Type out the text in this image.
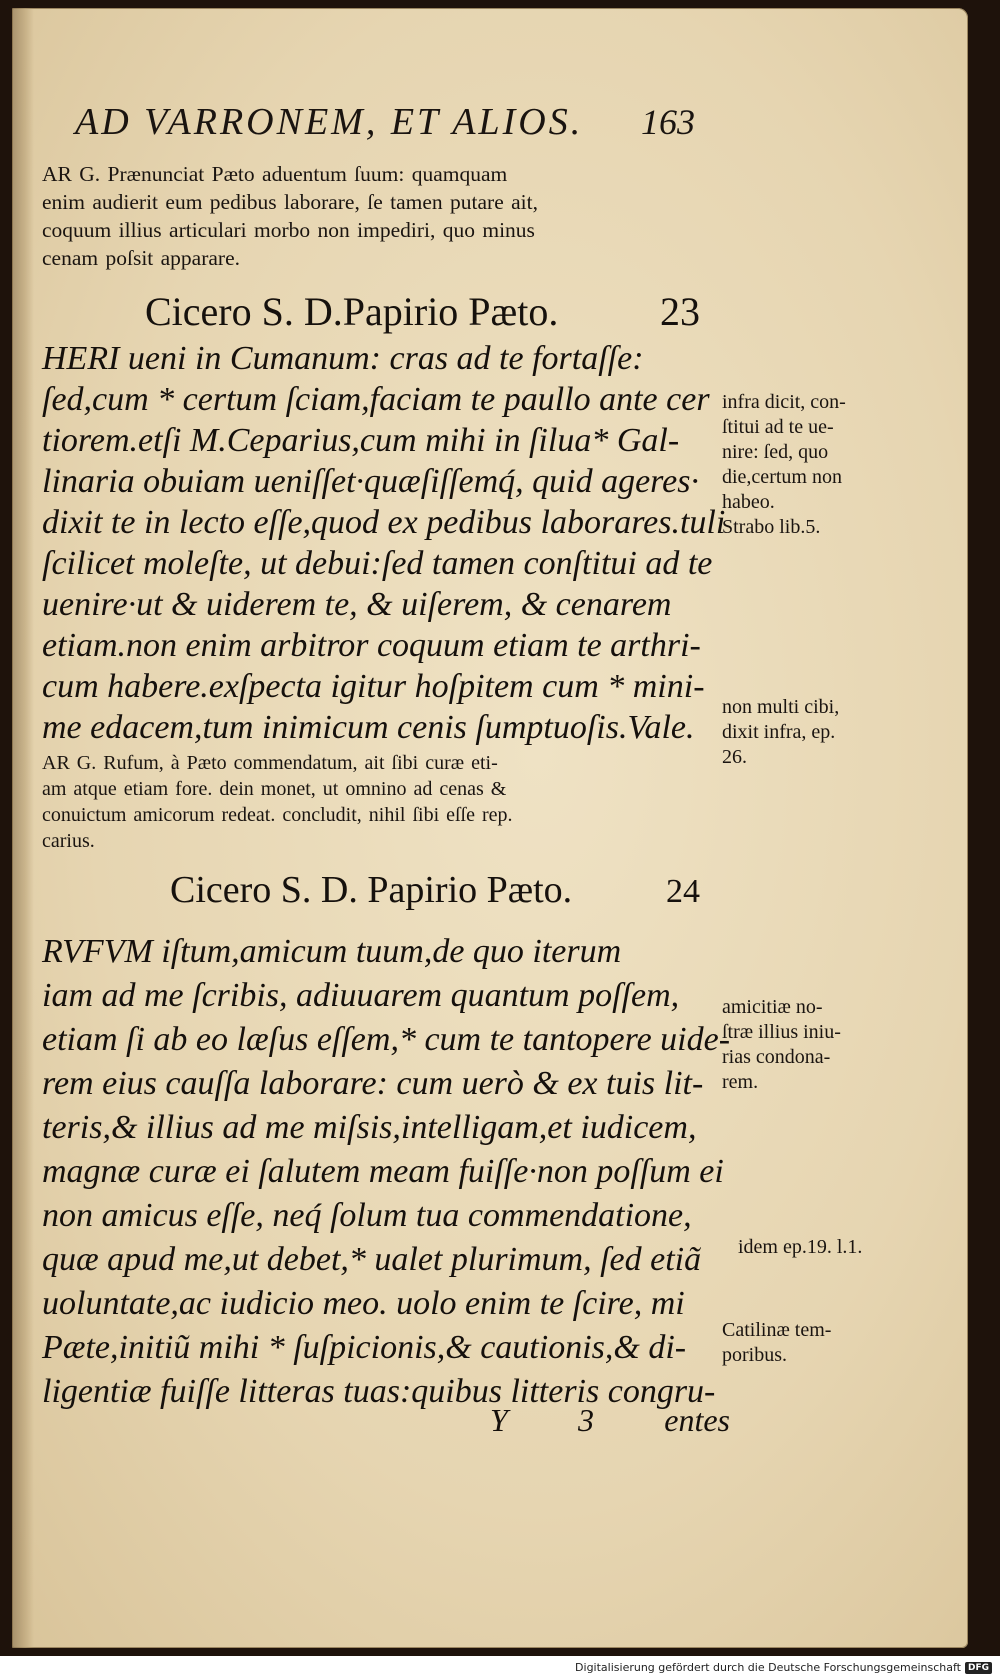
AD VARRONEM, ET ALIOS. 163
AR G. Prænunciat Pæto aduentum ſuum: quamquam
enim audierit eum pedibus laborare, ſe tamen putare ait,
coquum illius articulari morbo non impediri, quo minus
cenam poſsit apparare.
Cicero S. D.Papirio Pæto.	23
HERI ueni in Cumanum: cras ad te fortaſſe:
ſed,cum * certum ſciam,faciam te paullo ante cer
tiorem.etſi M.Ceparius,cum mihi in ſilua* Gal-
linaria obuiam ueniſſet·quæſiſſemq́, quid ageres·
dixit te in lecto eſſe,quod ex pedibus laborares.tuli
ſcilicet moleſte, ut debui:ſed tamen conſtitui ad te
uenire·ut & uiderem te, & uiſerem, & cenarem
etiam.non enim arbitror coquum etiam te arthri-
cum habere.exſpecta igitur hoſpitem cum * mini-
me edacem,tum inimicum cenis ſumptuoſis.Vale.
infra dicit, con-
ſtitui ad te ue-
nire: ſed, quo
die,certum non
habeo.
Strabo lib.5.
non multi cibi,
dixit infra, ep.
26.
AR G. Rufum, à Pæto commendatum, ait ſibi curæ eti-
am atque etiam fore. dein monet, ut omnino ad cenas &
conuictum amicorum redeat. concludit, nihil ſibi eſſe rep.
carius.
Cicero S. D. Papirio Pæto.	24
RVFVM iſtum,amicum tuum,de quo iterum
iam ad me ſcribis, adiuuarem quantum poſſem,
etiam ſi ab eo læſus eſſem,* cum te tantopere uide-
rem eius cauſſa laborare: cum uerò & ex tuis lit-
teris,& illius ad me miſsis,intelligam,et iudicem,
magnæ curæ ei ſalutem meam fuiſſe·non poſſum ei
non amicus eſſe, neq́ ſolum tua commendatione,
quæ apud me,ut debet,* ualet plurimum, ſed etiã
uoluntate,ac iudicio meo. uolo enim te ſcire, mi
Pæte,initiũ mihi * ſuſpicionis,& cautionis,& di-
ligentiæ fuiſſe litteras tuas:quibus litteris congru-
amicitiæ no-
ſtræ illius iniu-
rias condona-
rem.
idem ep.19. l.1.
Catilinæ tem-
poribus.
Y 3 entes
Digitalisierung gefördert durch die Deutsche Forschungsgemeinschaft DFG
